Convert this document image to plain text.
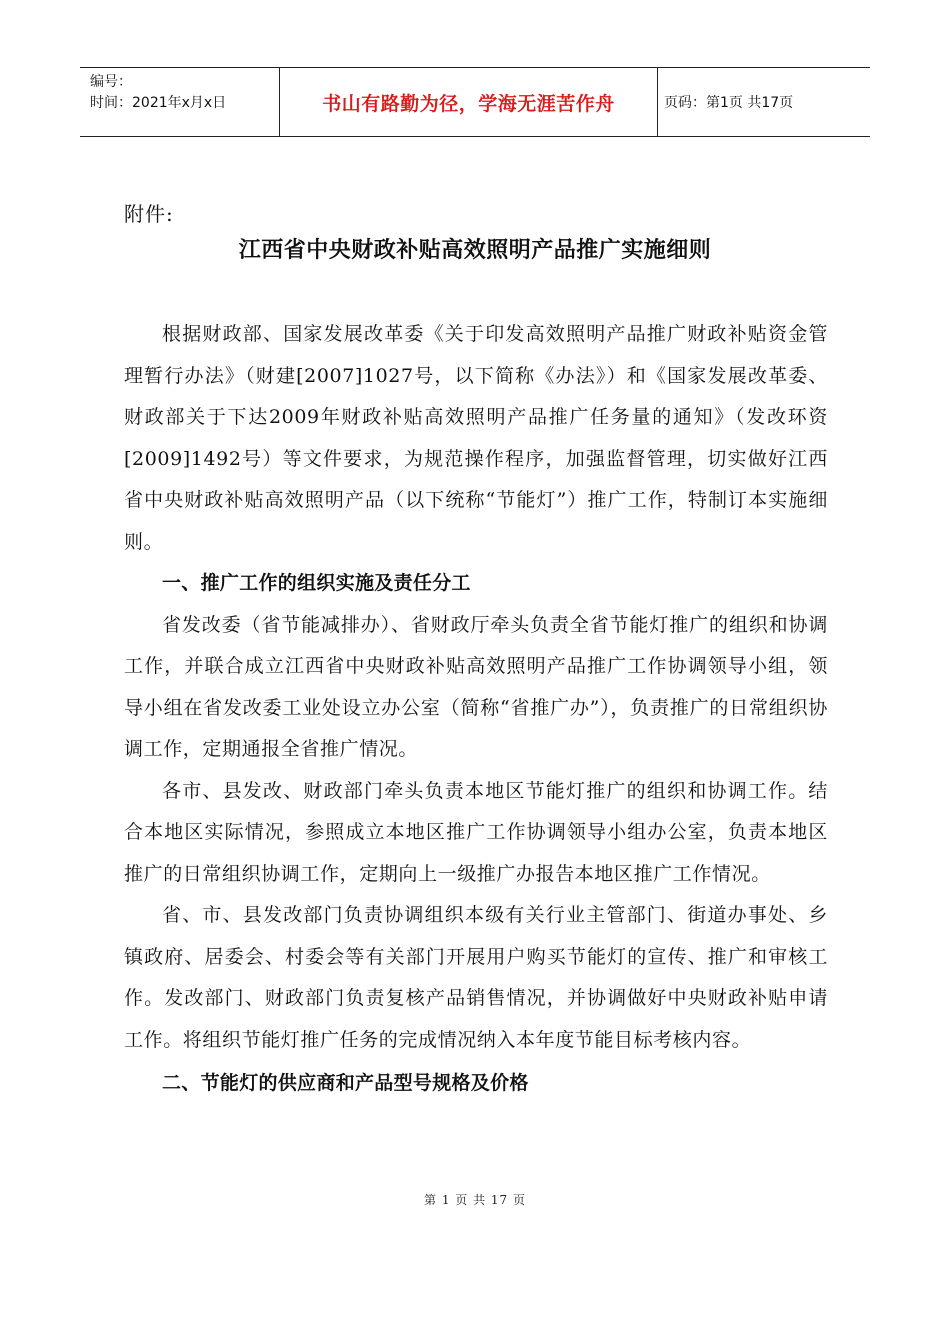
编号：
时间：2021年x月x日	书山有路勤为径，学海无涯苦作舟	页码：第1页 共17页
附件:
江西省中央财政补贴高效照明产品推广实施细则

根据财政部、国家发展改革委《关于印发高效照明产品推广财政补贴资金管理暂行办法》（财建[2007]1027号，以下简称《办法》）和《国家发展改革委、财政部关于下达2009年财政补贴高效照明产品推广任务量的通知》（发改环资[2009]1492号）等文件要求，为规范操作程序，加强监督管理，切实做好江西省中央财政补贴高效照明产品（以下统称“节能灯”）推广工作，特制订本实施细则。

一、推广工作的组织实施及责任分工

省发改委（省节能减排办）、省财政厅牵头负责全省节能灯推广的组织和协调工作，并联合成立江西省中央财政补贴高效照明产品推广工作协调领导小组，领导小组在省发改委工业处设立办公室（简称“省推广办”），负责推广的日常组织协调工作，定期通报全省推广情况。

各市、县发改、财政部门牵头负责本地区节能灯推广的组织和协调工作。结合本地区实际情况，参照成立本地区推广工作协调领导小组办公室，负责本地区推广的日常组织协调工作，定期向上一级推广办报告本地区推广工作情况。

省、市、县发改部门负责协调组织本级有关行业主管部门、街道办事处、乡镇政府、居委会、村委会等有关部门开展用户购买节能灯的宣传、推广和审核工作。发改部门、财政部门负责复核产品销售情况，并协调做好中央财政补贴申请工作。将组织节能灯推广任务的完成情况纳入本年度节能目标考核内容。

二、节能灯的供应商和产品型号规格及价格

第 1 页 共 17 页
